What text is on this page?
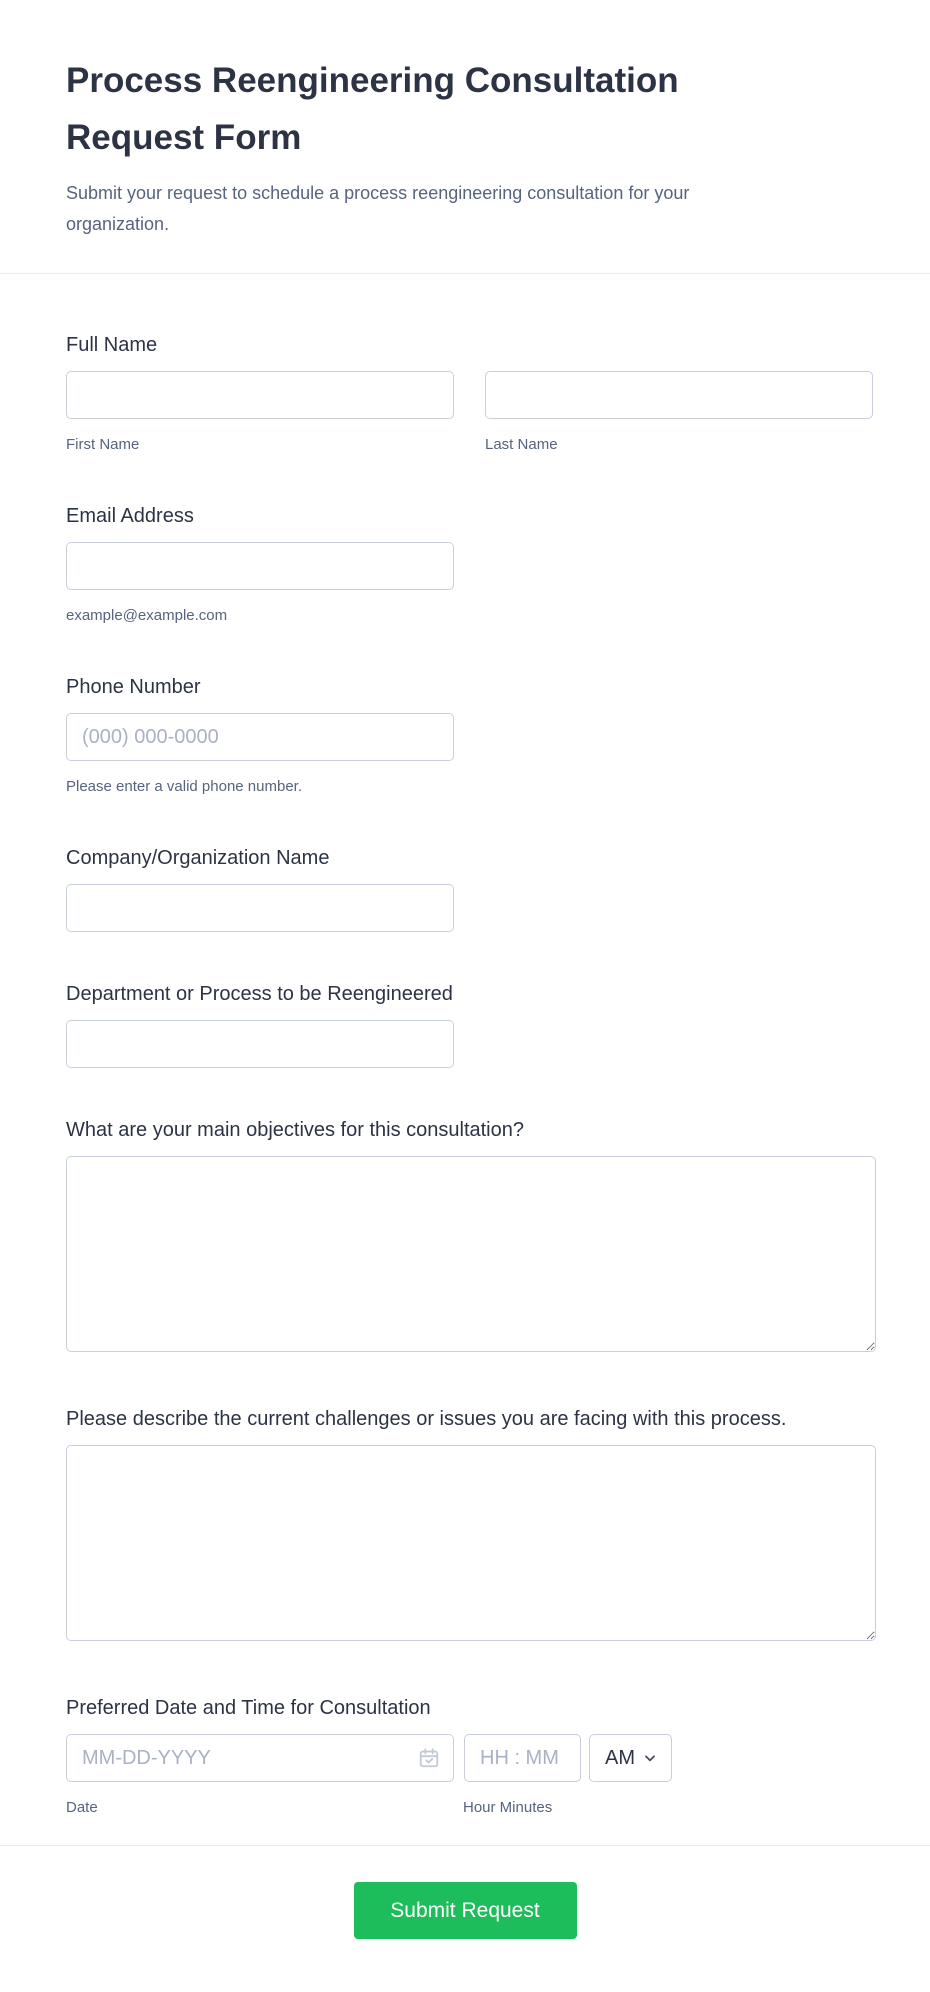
Process Reengineering Consultation Request Form

Submit your request to schedule a process reengineering consultation for your organization.

Full Name
First Name	Last Name
Email Address
example@example.com
Phone Number
(000) 000-0000
Please enter a valid phone number.
Company/Organization Name
Department or Process to be Reengineered
What are your main objectives for this consultation?
Please describe the current challenges or issues you are facing with this process.
Preferred Date and Time for Consultation
MM-DD-YYYY
HH : MM
AM
Date	Hour Minutes
Submit Request
